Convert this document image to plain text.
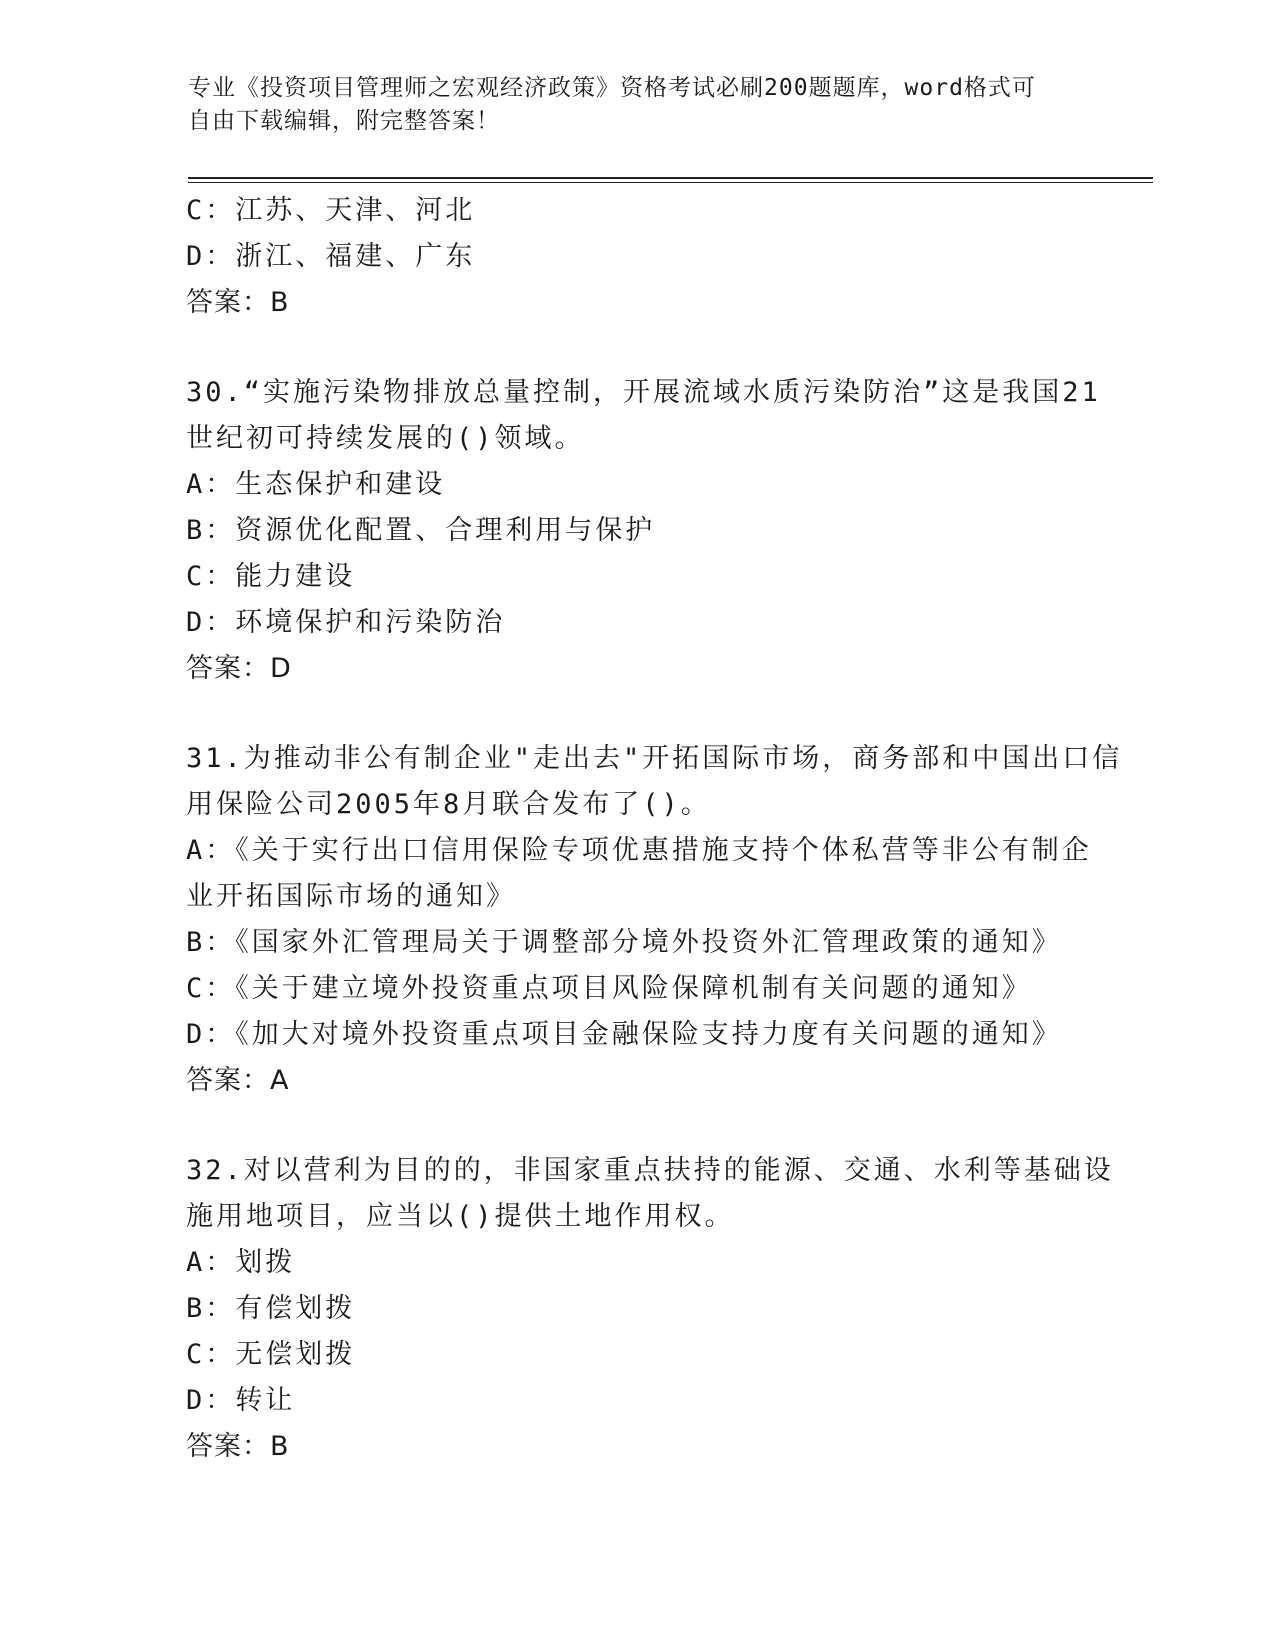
专业《投资项目管理师之宏观经济政策》资格考试必刷200题题库，word格式可
自由下载编辑，附完整答案！
C：江苏、天津、河北
D：浙江、福建、广东
答案：B
30.“实施污染物排放总量控制，开展流域水质污染防治”这是我国21
世纪初可持续发展的()领域。
A：生态保护和建设
B：资源优化配置、合理利用与保护
C：能力建设
D：环境保护和污染防治
答案：D
31.为推动非公有制企业"走出去"开拓国际市场，商务部和中国出口信
用保险公司2005年8月联合发布了()。
A：《关于实行出口信用保险专项优惠措施支持个体私营等非公有制企
业开拓国际市场的通知》
B：《国家外汇管理局关于调整部分境外投资外汇管理政策的通知》
C：《关于建立境外投资重点项目风险保障机制有关问题的通知》
D：《加大对境外投资重点项目金融保险支持力度有关问题的通知》
答案：A
32.对以营利为目的的，非国家重点扶持的能源、交通、水利等基础设
施用地项目，应当以()提供土地作用权。
A：划拨
B：有偿划拨
C：无偿划拨
D：转让
答案：B
